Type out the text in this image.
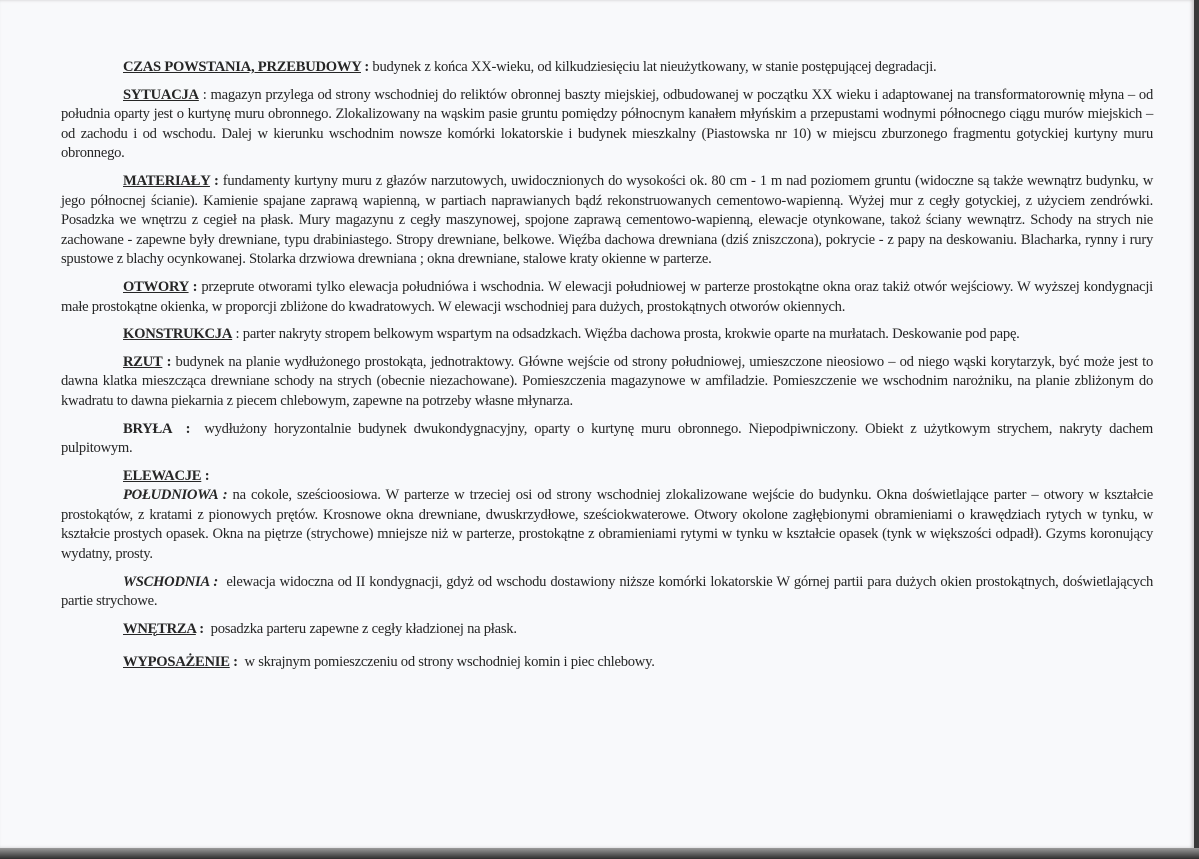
CZAS POWSTANIA, PRZEBUDOWY : budynek z końca XX-wieku, od kilkudziesięciu lat nieużytkowany, w stanie postępującej degradacji.

SYTUACJA : magazyn przylega od strony wschodniej do reliktów obronnej baszty miejskiej, odbudowanej w początku XX wieku i adaptowanej na transformatorownię młyna – od południa oparty jest o kurtynę muru obronnego. Zlokalizowany na wąskim pasie gruntu pomiędzy północnym kanałem młyńskim a przepustami wodnymi północnego ciągu murów miejskich – od zachodu i od wschodu. Dalej w kierunku wschodnim nowsze komórki lokatorskie i budynek mieszkalny (Piastowska nr 10) w miejscu zburzonego fragmentu gotyckiej kurtyny muru obronnego.

MATERIAŁY : fundamenty kurtyny muru z głazów narzutowych, uwidocznionych do wysokości ok. 80 cm - 1 m nad poziomem gruntu (widoczne są także wewnątrz budynku, w jego północnej ścianie). Kamienie spajane zaprawą wapienną, w partiach naprawianych bądź rekonstruowanych cementowo-wapienną. Wyżej mur z cegły gotyckiej, z użyciem zendrówki. Posadzka we wnętrzu z cegieł na płask. Mury magazynu z cegły maszynowej, spojone zaprawą cementowo-wapienną, elewacje otynkowane, takoż ściany wewnątrz. Schody na strych nie zachowane - zapewne były drewniane, typu drabiniastego. Stropy drewniane, belkowe. Więźba dachowa drewniana (dziś zniszczona), pokrycie - z papy na deskowaniu. Blacharka, rynny i rury spustowe z blachy ocynkowanej. Stolarka drzwiowa drewniana ; okna drewniane, stalowe kraty okienne w parterze.

OTWORY : przeprute otworami tylko elewacja południówa i wschodnia. W elewacji południowej w parterze prostokątne okna oraz takiż otwór wejściowy. W wyższej kondygnacji małe prostokątne okienka, w proporcji zbliżone do kwadratowych. W elewacji wschodniej para dużych, prostokątnych otworów okiennych.

KONSTRUKCJA : parter nakryty stropem belkowym wspartym na odsadzkach. Więźba dachowa prosta, krokwie oparte na murłatach. Deskowanie pod papę.

RZUT : budynek na planie wydłużonego prostokąta, jednotraktowy. Główne wejście od strony południowej, umieszczone nieosiowo – od niego wąski korytarzyk, być może jest to dawna klatka mieszcząca drewniane schody na strych (obecnie niezachowane). Pomieszczenia magazynowe w amfiladzie. Pomieszczenie we wschodnim narożniku, na planie zbliżonym do kwadratu to dawna piekarnia z piecem chlebowym, zapewne na potrzeby własne młynarza.

BRYŁA  :  wydłużony horyzontalnie budynek dwukondygnacyjny, oparty o kurtynę muru obronnego. Niepodpiwniczony. Obiekt z użytkowym strychem, nakryty dachem pulpitowym.

ELEWACJE :

POŁUDNIOWA : na cokole, sześcioosiowa. W parterze w trzeciej osi od strony wschodniej zlokalizowane wejście do budynku. Okna doświetlające parter – otwory w kształcie prostokątów, z kratami z pionowych prętów. Krosnowe okna drewniane, dwuskrzydłowe, sześciokwaterowe. Otwory okolone zagłębionymi obramieniami o krawędziach rytych w tynku, w kształcie prostych opasek. Okna na piętrze (strychowe) mniejsze niż w parterze, prostokątne z obramieniami rytymi w tynku w kształcie opasek (tynk w większości odpadł). Gzyms koronujący wydatny, prosty.

WSCHODNIA :  elewacja widoczna od II kondygnacji, gdyż od wschodu dostawiony niższe komórki lokatorskie W górnej partii para dużych okien prostokątnych, doświetlających partie strychowe.

WNĘTRZA :  posadzka parteru zapewne z cegły kładzionej na płask.

WYPOSAŻENIE :  w skrajnym pomieszczeniu od strony wschodniej komin i piec chlebowy.
